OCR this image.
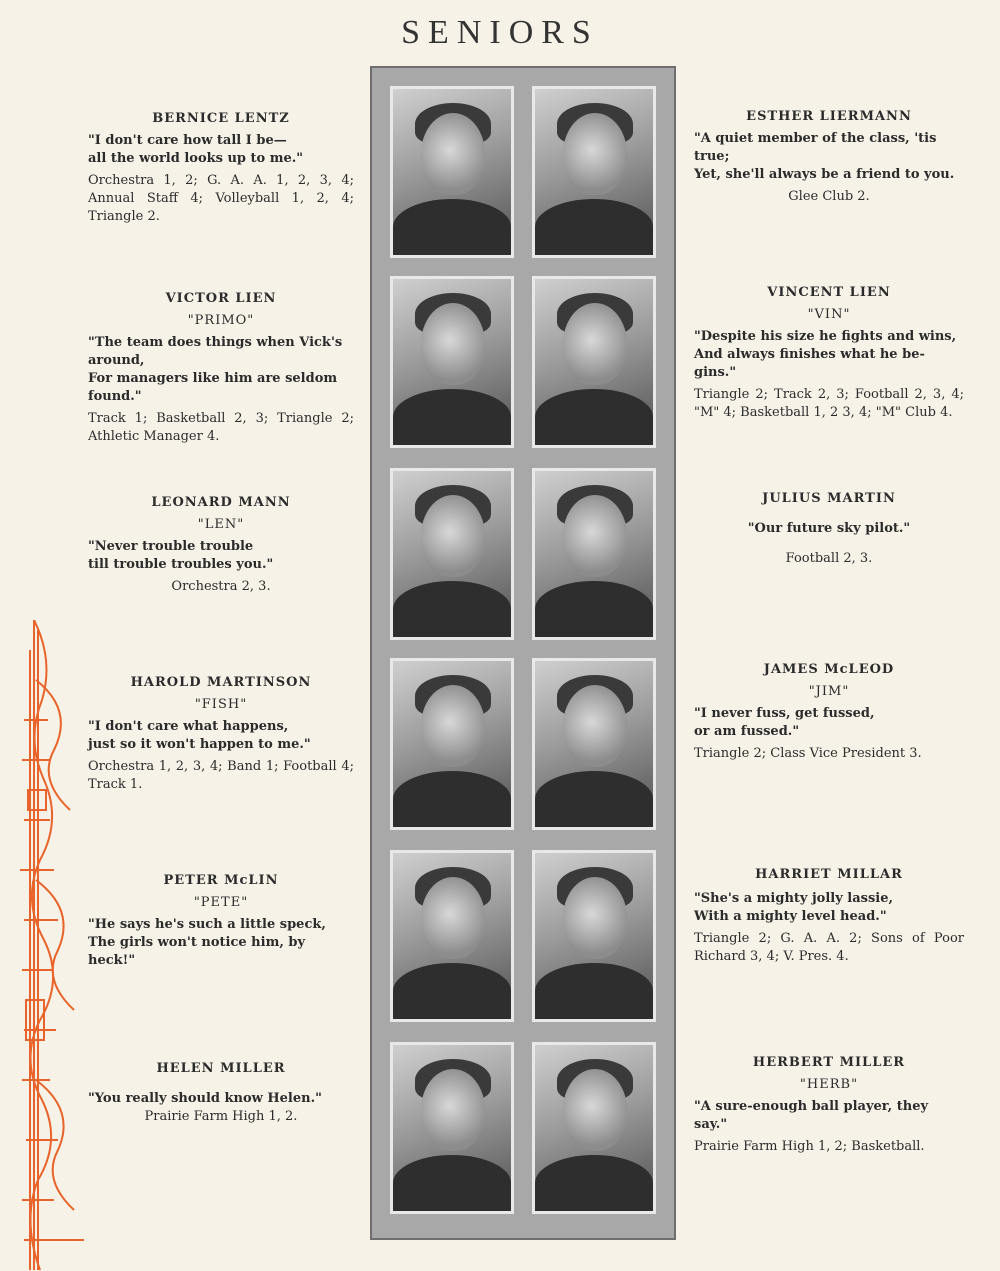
SENIORS
BERNICE LENTZ
"I don't care how tall I be—
all the world looks up to me."
Orchestra 1, 2; G. A. A. 1, 2, 3, 4; Annual Staff 4; Volleyball 1, 2, 4; Triangle 2.
VICTOR LIEN
"PRIMO"
"The team does things when Vick's
around,
For managers like him are seldom
found."
Track 1; Basketball 2, 3; Triangle 2; Athletic Manager 4.
LEONARD MANN
"LEN"
"Never trouble trouble
till trouble troubles you."
Orchestra 2, 3.
HAROLD MARTINSON
"FISH"
"I don't care what happens,
just so it won't happen to me."
Orchestra 1, 2, 3, 4; Band 1; Football 4; Track 1.
PETER McLIN
"PETE"
"He says he's such a little speck,
The girls won't notice him, by
heck!"
HELEN MILLER
"You really should know Helen."
Prairie Farm High 1, 2.
ESTHER LIERMANN
"A quiet member of the class, 'tis
true;
Yet, she'll always be a friend to you.
Glee Club 2.
VINCENT LIEN
"VIN"
"Despite his size he fights and wins,
And always finishes what he be-
gins."
Triangle 2; Track 2, 3; Football 2, 3, 4; "M" 4; Basketball 1, 2 3, 4; "M" Club 4.
JULIUS MARTIN
"Our future sky pilot."
Football 2, 3.
JAMES McLEOD
"JIM"
"I never fuss, get fussed,
or am fussed."
Triangle 2; Class Vice President 3.
HARRIET MILLAR
"She's a mighty jolly lassie,
With a mighty level head."
Triangle 2; G. A. A. 2; Sons of Poor Richard 3, 4; V. Pres. 4.
HERBERT MILLER
"HERB"
"A sure-enough ball player, they
say."
Prairie Farm High 1, 2; Basketball.
